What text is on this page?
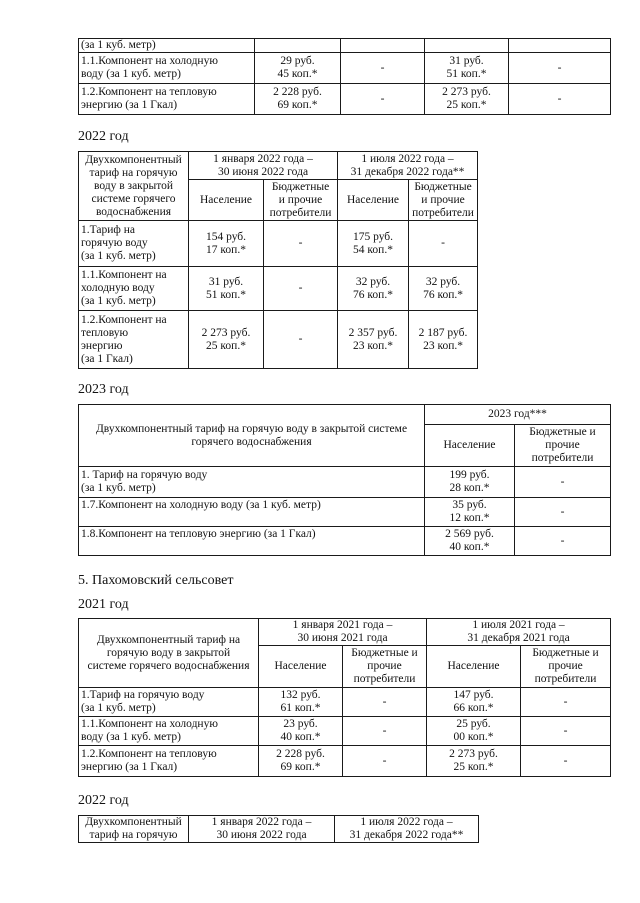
(за 1 куб. метр)				
1.1.Компонент на холодную
воду (за 1 куб. метр)	29 руб.
45 коп.*	-	31 руб.
51 коп.*	-
1.2.Компонент на тепловую
энергию (за 1 Гкал)	2 228 руб.
69 коп.*	-	2 273 руб.
25 коп.*	-
2022 год
Двухкомпонентный
тариф на горячую
воду в закрытой
системе горячего
водоснабжения	1 января 2022 года –
30 июня 2022 года		1 июля 2022 года –
31 декабря 2022 года**	
	Население	Бюджетные
и прочие
потребители	Население	Бюджетные
и прочие
потребители
1.Тариф на
горячую воду
(за 1 куб. метр)	154 руб.
17 коп.*	-	175 руб.
54 коп.*	-
1.1.Компонент на
холодную воду
(за 1 куб. метр)	31 руб.
51 коп.*	-	32 руб.
76 коп.*	32 руб.
76 коп.*
1.2.Компонент на
тепловую
энергию
(за 1 Гкал)	2 273 руб.
25 коп.*	-	2 357 руб.
23 коп.*	2 187 руб.
23 коп.*
2023 год
Двухкомпонентный тариф на горячую воду в закрытой системе
горячего водоснабжения	2023 год***	
	Население	Бюджетные и
прочие
потребители
1. Тариф на горячую воду
(за 1 куб. метр)	199 руб.
28 коп.*	-
1.7.Компонент на холодную воду (за 1 куб. метр)	35 руб.
12 коп.*	-
1.8.Компонент на тепловую энергию (за 1 Гкал)	2 569 руб.
40 коп.*	-
5. Пахомовский сельсовет
2021 год
Двухкомпонентный тариф на
горячую воду в закрытой
системе горячего водоснабжения	1 января 2021 года –
30 июня 2021 года		1 июля 2021 года –
31 декабря 2021 года	
	Население	Бюджетные и
прочие
потребители	Население	Бюджетные и
прочие
потребители
1.Тариф на горячую воду
(за 1 куб. метр)	132 руб.
61 коп.*	-	147 руб.
66 коп.*	-
1.1.Компонент на холодную
воду (за 1 куб. метр)	23 руб.
40 коп.*	-	25 руб.
00 коп.*	-
1.2.Компонент на тепловую
энергию (за 1 Гкал)	2 228 руб.
69 коп.*	-	2 273 руб.
25 коп.*	-
2022 год
Двухкомпонентный
тариф на горячую	1 января 2022 года –
30 июня 2022 года	1 июля 2022 года –
31 декабря 2022 года**
